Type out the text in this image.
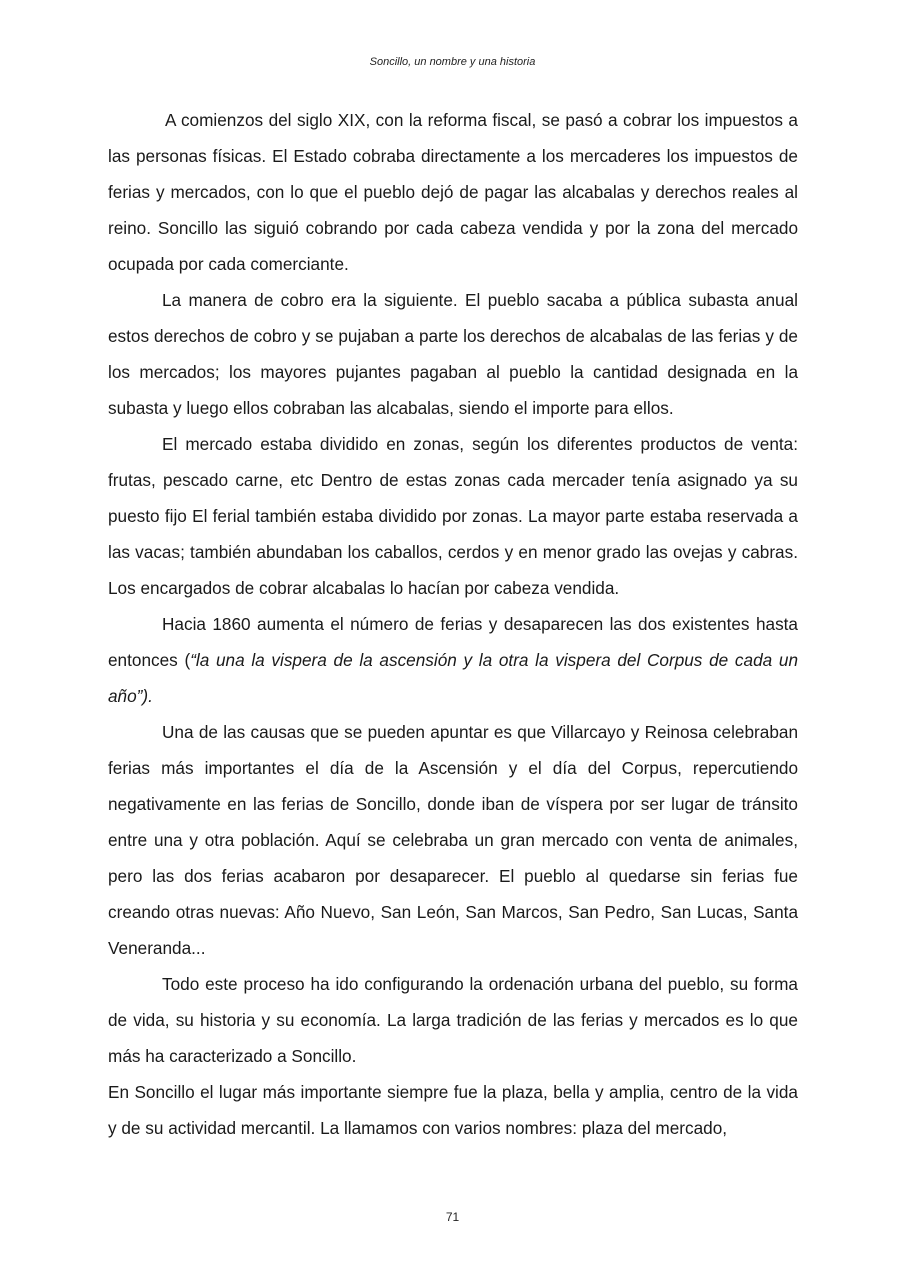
Soncillo, un nombre y una historia

A comienzos del siglo XIX, con la reforma fiscal, se pasó a cobrar los impuestos a las personas físicas. El Estado cobraba directamente a los mercaderes los impuestos de ferias y mercados, con lo que el pueblo dejó de pagar las alcabalas y derechos reales al reino. Soncillo las siguió cobrando por cada cabeza vendida y por la zona del mercado ocupada por cada comerciante.

La manera de cobro era la siguiente. El pueblo sacaba a pública subasta anual estos derechos de cobro y se pujaban a parte los derechos de alcabalas de las ferias y de los mercados; los mayores pujantes pagaban al pueblo la cantidad designada en la subasta y luego ellos cobraban las alcabalas, siendo el importe para ellos.

El mercado estaba dividido en zonas, según los diferentes productos de venta: frutas, pescado carne, etc Dentro de estas zonas cada mercader tenía asignado ya su puesto fijo El ferial también estaba dividido por zonas. La mayor parte estaba reservada a las vacas; también abundaban los caballos, cerdos y en menor grado las ovejas y cabras. Los encargados de cobrar alcabalas lo hacían por cabeza vendida.

Hacia 1860 aumenta el número de ferias y desaparecen las dos existentes hasta entonces (“la una la vispera de la ascensión y la otra la vispera del Corpus de cada un año”).

Una de las causas que se pueden apuntar es que Villarcayo y Reinosa celebraban ferias más importantes el día de la Ascensión y el día del Corpus, repercutiendo negativamente en las ferias de Soncillo, donde iban de víspera por ser lugar de tránsito entre una y otra población. Aquí se celebraba un gran mercado con venta de animales, pero las dos ferias acabaron por desaparecer. El pueblo al quedarse sin ferias fue creando otras nuevas: Año Nuevo, San León, San Marcos, San Pedro, San Lucas, Santa Veneranda...

Todo este proceso ha ido configurando la ordenación urbana del pueblo, su forma de vida, su historia y su economía. La larga tradición de las ferias y mercados es lo que más ha caracterizado a Soncillo.

En Soncillo el lugar más importante siempre fue la plaza, bella y amplia, centro de la vida y de su actividad mercantil. La llamamos con varios nombres: plaza del mercado,

71
